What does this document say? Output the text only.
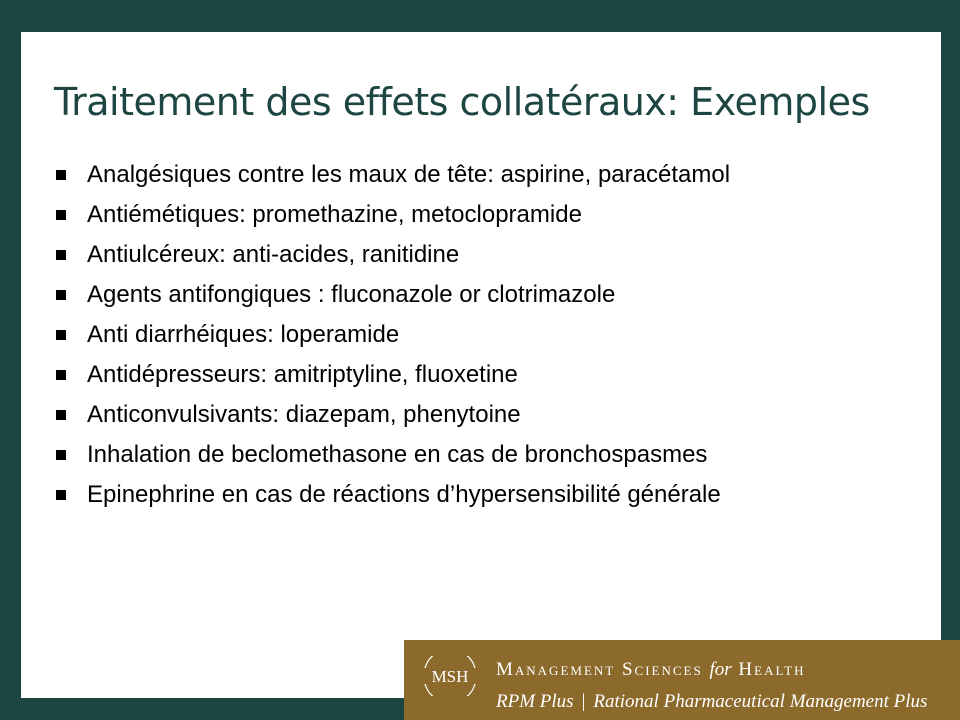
Traitement des effets collatéraux: Exemples
Analgésiques contre les maux de tête: aspirine, paracétamol
Antiémétiques: promethazine, metoclopramide
Antiulcéreux: anti-acides, ranitidine
Agents antifongiques : fluconazole or clotrimazole
Anti diarrhéiques: loperamide
Antidépresseurs: amitriptyline, fluoxetine
Anticonvulsivants: diazepam, phenytoine
Inhalation de beclomethasone en cas de bronchospasmes
Epinephrine en cas de réactions d’hypersensibilité générale
MSH Management Sciences for Health
RPM Plus | Rational Pharmaceutical Management Plus
